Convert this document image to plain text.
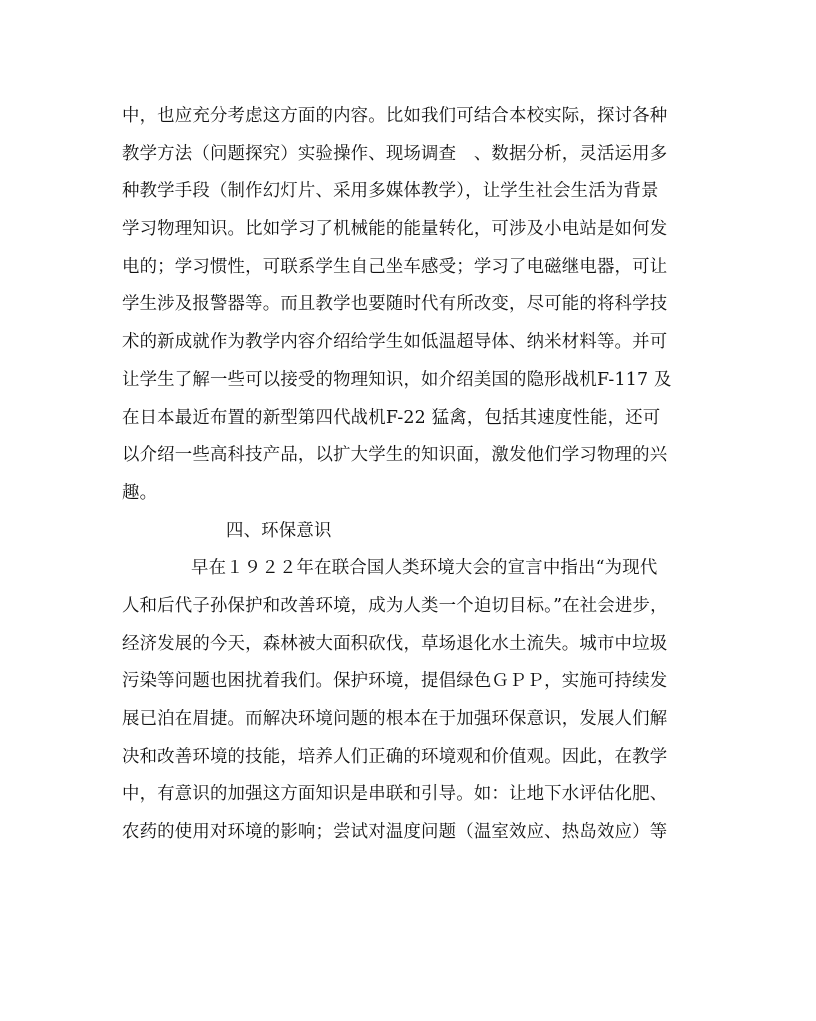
中，也应充分考虑这方面的内容。比如我们可结合本校实际，探讨各种
教学方法（问题探究）实验操作、现场调查　、数据分析，灵活运用多
种教学手段（制作幻灯片、采用多媒体教学），让学生社会生活为背景
学习物理知识。比如学习了机械能的能量转化，可涉及小电站是如何发
电的；学习惯性，可联系学生自己坐车感受；学习了电磁继电器，可让
学生涉及报警器等。而且教学也要随时代有所改变，尽可能的将科学技
术的新成就作为教学内容介绍给学生如低温超导体、纳米材料等。并可
让学生了解一些可以接受的物理知识，如介绍美国的隐形战机F-117 及
在日本最近布置的新型第四代战机F-22 猛禽，包括其速度性能，还可
以介绍一些高科技产品，以扩大学生的知识面，激发他们学习物理的兴
趣。
四、环保意识
早在１９２２年在联合国人类环境大会的宣言中指出“为现代
人和后代子孙保护和改善环境，成为人类一个迫切目标。”在社会进步，
经济发展的今天，森林被大面积砍伐，草场退化水土流失。城市中垃圾
污染等问题也困扰着我们。保护环境，提倡绿色ＧＰＰ，实施可持续发
展已泊在眉捷。而解决环境问题的根本在于加强环保意识，发展人们解
决和改善环境的技能，培养人们正确的环境观和价值观。因此，在教学
中，有意识的加强这方面知识是串联和引导。如：让地下水评估化肥、
农药的使用对环境的影响；尝试对温度问题（温室效应、热岛效应）等
